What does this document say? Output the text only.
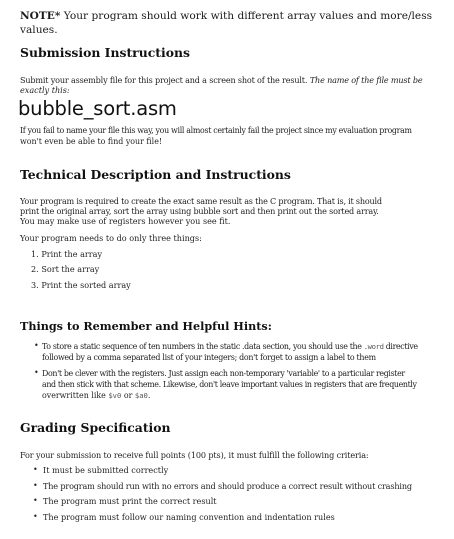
NOTE* Your program should work with different array values and more/less
values.
Submission Instructions
Submit your assembly file for this project and a screen shot of the result. The name of the file must be
exactly this:
bubble_sort.asm
If you fail to name your file this way, you will almost certainly fail the project since my evaluation program
won't even be able to find your file!
Technical Description and Instructions
Your program is required to create the exact same result as the C program. That is, it should
print the original array, sort the array using bubble sort and then print out the sorted array.
You may make use of registers however you see fit.
Your program needs to do only three things:
1. Print the array
2. Sort the array
3. Print the sorted array
Things to Remember and Helpful Hints:
• To store a static sequence of ten numbers in the static .data section, you should use the .word directive
followed by a comma separated list of your integers; don't forget to assign a label to them
• Don't be clever with the registers. Just assign each non-temporary 'variable' to a particular register
and then stick with that scheme. Likewise, don't leave important values in registers that are frequently
overwritten like $v0 or $a0.
Grading Specification
For your submission to receive full points (100 pts), it must fulfill the following criteria:
• It must be submitted correctly
• The program should run with no errors and should produce a correct result without crashing
• The program must print the correct result
• The program must follow our naming convention and indentation rules
